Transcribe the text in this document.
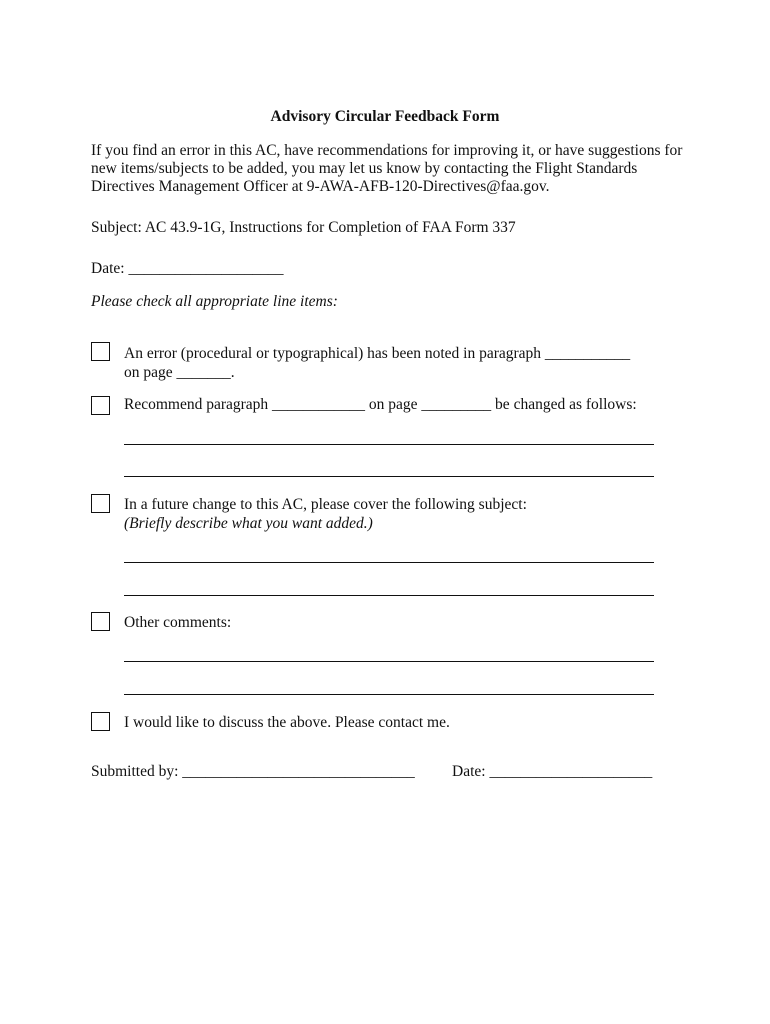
Advisory Circular Feedback Form
If you find an error in this AC, have recommendations for improving it, or have suggestions for
new items/subjects to be added, you may let us know by contacting the Flight Standards
Directives Management Officer at 9-AWA-AFB-120-Directives@faa.gov.
Subject: AC 43.9-1G, Instructions for Completion of FAA Form 337
Date: ____________________
Please check all appropriate line items:
An error (procedural or typographical) has been noted in paragraph ___________
on page _______.
Recommend paragraph ____________ on page _________ be changed as follows:
In a future change to this AC, please cover the following subject:
(Briefly describe what you want added.)
Other comments:
I would like to discuss the above. Please contact me.
Submitted by: ______________________________ Date: _____________________
